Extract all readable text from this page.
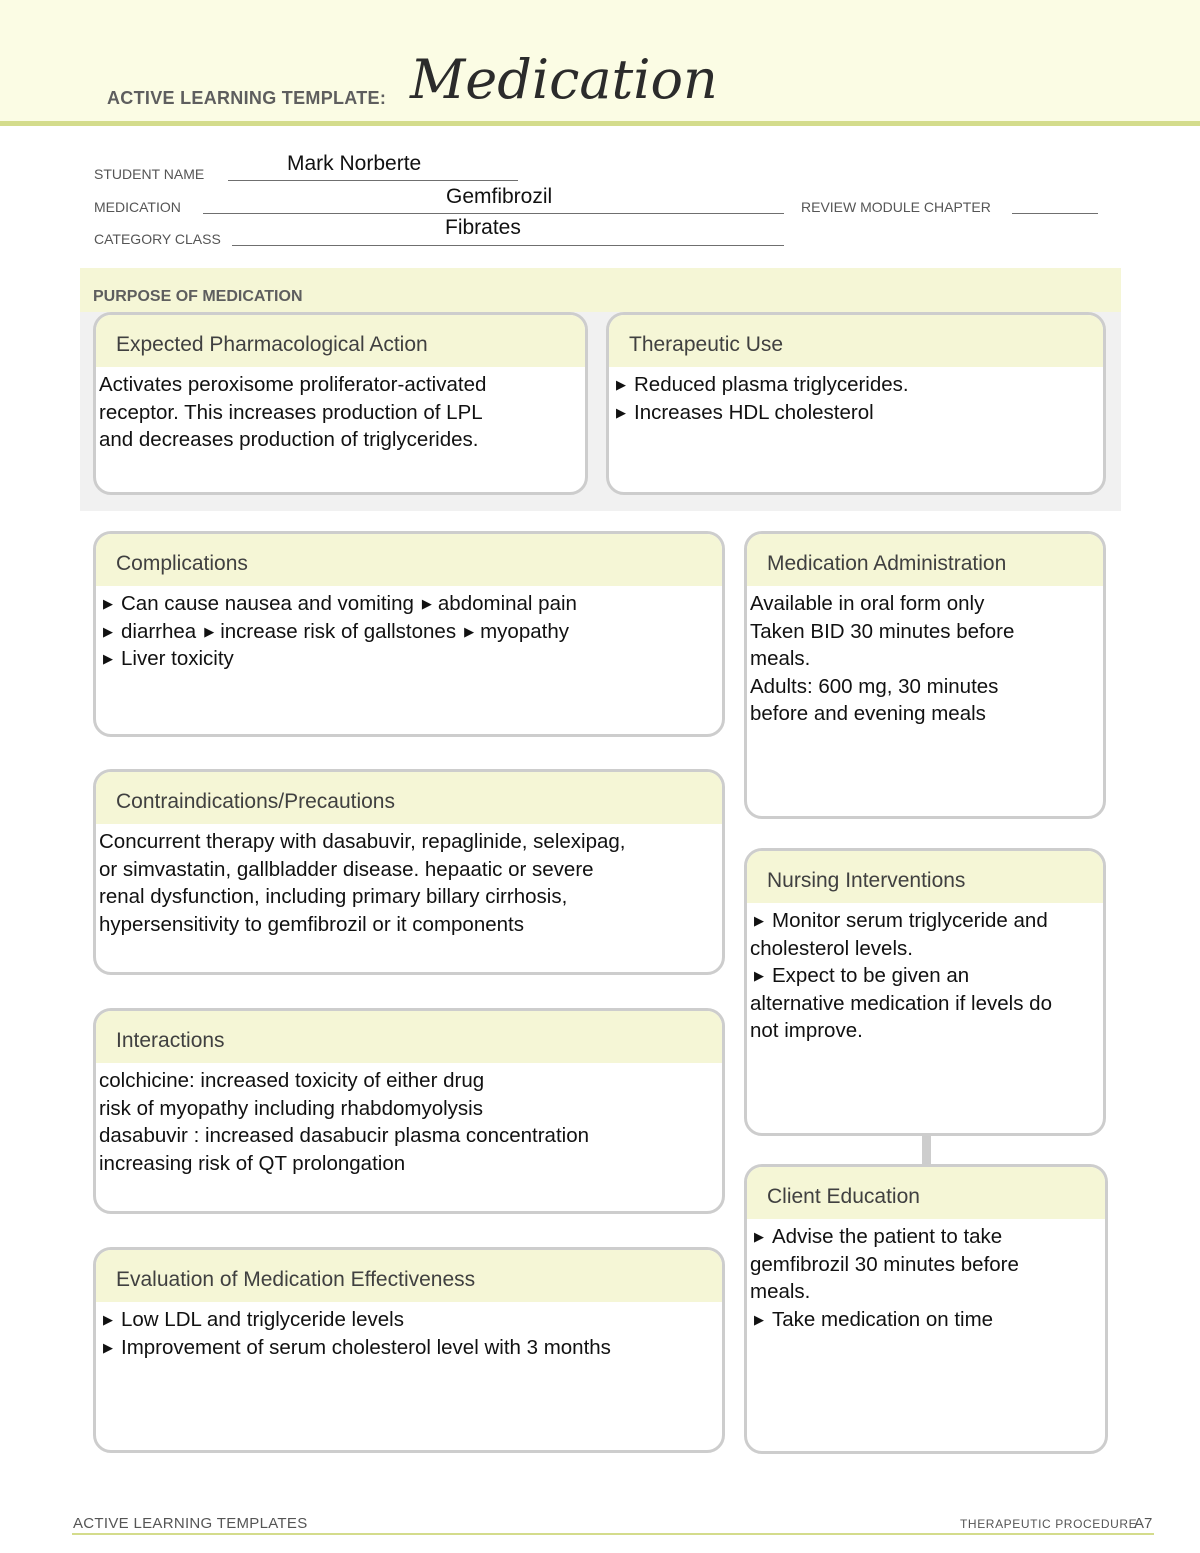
ACTIVE LEARNING TEMPLATE: Medication
STUDENT NAME	Mark Norberte
MEDICATION	Gemfibrozil	REVIEW MODULE CHAPTER
CATEGORY CLASS	Fibrates
PURPOSE OF MEDICATION
Expected Pharmacological Action
Activates peroxisome proliferator-activated
receptor. This increases production of LPL
and decreases production of triglycerides.
Therapeutic Use
▶ Reduced plasma triglycerides.
▶ Increases HDL cholesterol
Complications
▶ Can cause nausea and vomiting ▶ abdominal pain
▶ diarrhea ▶ increase risk of gallstones ▶ myopathy
▶ Liver toxicity
Medication Administration
Available in oral form only
Taken BID 30 minutes before
meals.
Adults: 600 mg, 30 minutes
before and evening meals
Contraindications/Precautions
Concurrent therapy with dasabuvir, repaglinide, selexipag,
or simvastatin, gallbladder disease. hepaatic or severe
renal dysfunction, including primary billary cirrhosis,
hypersensitivity to gemfibrozil or it components
Nursing Interventions
▶ Monitor serum triglyceride and
cholesterol levels.
▶ Expect to be given an
alternative medication if levels do
not improve.
Interactions
colchicine: increased toxicity of either drug
risk of myopathy including rhabdomyolysis
dasabuvir : increased dasabucir plasma concentration
increasing risk of QT prolongation
Client Education
▶ Advise the patient to take
gemfibrozil 30 minutes before
meals.
▶ Take medication on time
Evaluation of Medication Effectiveness
▶ Low LDL and triglyceride levels
▶ Improvement of serum cholesterol level with 3 months
ACTIVE LEARNING TEMPLATES	THERAPEUTIC PROCEDURE
A7
